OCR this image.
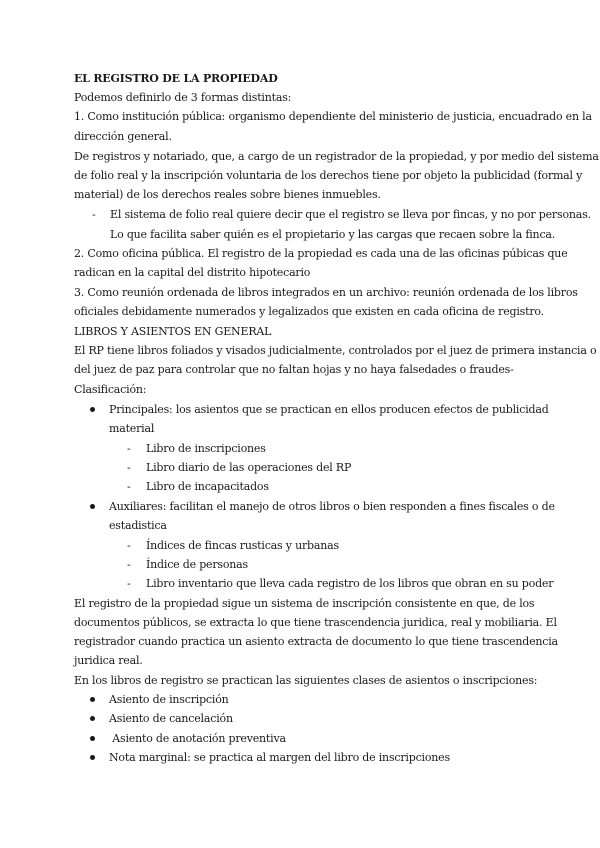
EL REGISTRO DE LA PROPIEDAD
Podemos definirlo de 3 formas distintas:
1. Como institución pública: organismo dependiente del ministerio de justicia, encuadrado en la
dirección general.
De registros y notariado, que, a cargo de un registrador de la propiedad, y por medio del sistema
de folio real y la inscripción voluntaria de los derechos tiene por objeto la publicidad (formal y
material) de los derechos reales sobre bienes inmuebles.
- El sistema de folio real quiere decir que el registro se lleva por fincas, y no por personas.
Lo que facilita saber quién es el propietario y las cargas que recaen sobre la finca.
2. Como oficina pública. El registro de la propiedad es cada una de las oficinas púbicas que
radican en la capital del distrito hipotecario
3. Como reunión ordenada de libros integrados en un archivo: reunión ordenada de los libros
oficiales debidamente numerados y legalizados que existen en cada oficina de registro.
LIBROS Y ASIENTOS EN GENERAL
El RP tiene libros foliados y visados judicialmente, controlados por el juez de primera instancia o
del juez de paz para controlar que no faltan hojas y no haya falsedades o fraudes-
Clasificación:
Principales: los asientos que se practican en ellos producen efectos de publicidad
material
- Libro de inscripciones
- Libro diario de las operaciones del RP
- Libro de incapacitados
Auxiliares: facilitan el manejo de otros libros o bien responden a fines fiscales o de
estadistica
- Índices de fincas rusticas y urbanas
- Índice de personas
- Libro inventario que lleva cada registro de los libros que obran en su poder
El registro de la propiedad sigue un sistema de inscripción consistente en que, de los
documentos públicos, se extracta lo que tiene trascendencia juridica, real y mobiliaria. El
registrador cuando practica un asiento extracta de documento lo que tiene trascendencia
juridica real.
En los libros de registro se practican las siguientes clases de asientos o inscripciones:
Asiento de inscripción
Asiento de cancelación
Asiento de anotación preventiva
Nota marginal: se practica al margen del libro de inscripciones
